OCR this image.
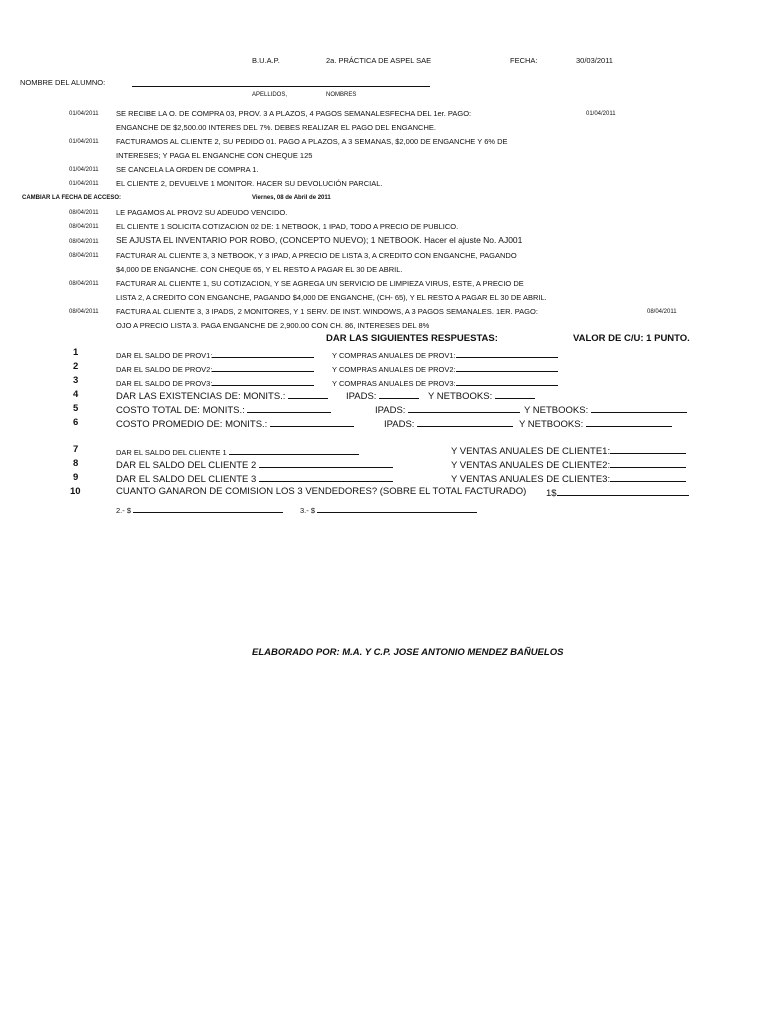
B.U.A.P.	2a. PRÁCTICA DE ASPEL SAE	FECHA:	30/03/2011
NOMBRE DEL ALUMNO:
APELLIDOS,	NOMBRES
01/04/2011 SE RECIBE LA O. DE COMPRA 03, PROV. 3 A PLAZOS, 4 PAGOS SEMANALESFECHA DEL 1er. PAGO:	01/04/2011
ENGANCHE DE $2,500.00 INTERES DEL 7%. DEBES REALIZAR EL PAGO DEL ENGANCHE.
01/04/2011 FACTURAMOS AL CLIENTE 2, SU PEDIDO 01. PAGO A PLAZOS, A 3 SEMANAS, $2,000 DE ENGANCHE Y 6% DE
INTERESES; Y PAGA EL ENGANCHE CON CHEQUE 125
01/04/2011 SE CANCELA LA ORDEN DE COMPRA 1.
01/04/2011 EL CLIENTE 2, DEVUELVE 1 MONITOR. HACER SU DEVOLUCIÓN PARCIAL.
CAMBIAR LA FECHA DE ACCESO:	Viernes, 08 de Abril de 2011
08/04/2011 LE PAGAMOS AL PROV2 SU ADEUDO VENCIDO.
08/04/2011 EL CLIENTE 1 SOLICITA COTIZACION 02 DE: 1 NETBOOK, 1 IPAD, TODO A PRECIO DE PUBLICO.
08/04/2011 SE AJUSTA EL INVENTARIO POR ROBO, (CONCEPTO NUEVO); 1 NETBOOK. Hacer el ajuste No. AJ001
08/04/2011 FACTURAR AL CLIENTE 3, 3 NETBOOK, Y 3 IPAD, A PRECIO DE LISTA 3, A CREDITO CON ENGANCHE, PAGANDO
$4,000 DE ENGANCHE. CON CHEQUE 65, Y EL RESTO A PAGAR EL 30 DE ABRIL.
08/04/2011 FACTURAR AL CLIENTE 1, SU COTIZACION, Y SE AGREGA UN SERVICIO DE LIMPIEZA VIRUS, ESTE, A PRECIO DE
LISTA 2, A CREDITO CON ENGANCHE, PAGANDO $4,000 DE ENGANCHE, (CH- 65), Y EL RESTO A PAGAR EL 30 DE ABRIL.
08/04/2011 FACTURA AL CLIENTE 3, 3 IPADS, 2 MONITORES, Y 1 SERV. DE INST. WINDOWS, A 3 PAGOS SEMANALES. 1ER. PAGO:	08/04/2011
OJO A PRECIO LISTA 3. PAGA ENGANCHE DE 2,900.00 CON CH. 86, INTERESES DEL 8%
DAR LAS SIGUIENTES RESPUESTAS:	VALOR DE C/U: 1 PUNTO.
1	DAR EL SALDO DE PROV1:	Y COMPRAS ANUALES DE PROV1:
2	DAR EL SALDO DE PROV2:	Y COMPRAS ANUALES DE PROV2:
3	DAR EL SALDO DE PROV3:	Y COMPRAS ANUALES DE PROV3:
4	DAR LAS EXISTENCIAS DE: MONITS.:	IPADS:	Y NETBOOKS:
5	COSTO TOTAL DE: MONITS.:	IPADS:	Y NETBOOKS:
6	COSTO PROMEDIO DE: MONITS.:	IPADS:	Y NETBOOKS:
7	DAR EL SALDO DEL CLIENTE 1	Y VENTAS ANUALES DE CLIENTE1:
8	DAR EL SALDO DEL CLIENTE 2	Y VENTAS ANUALES DE CLIENTE2:
9	DAR EL SALDO DEL CLIENTE 3	Y VENTAS ANUALES DE CLIENTE3:
10	CUANTO GANARON DE COMISION LOS 3 VENDEDORES? (SOBRE EL TOTAL FACTURADO) 1$
2.- $	3.- $
ELABORADO POR: M.A. Y C.P. JOSE ANTONIO MENDEZ BAÑUELOS
